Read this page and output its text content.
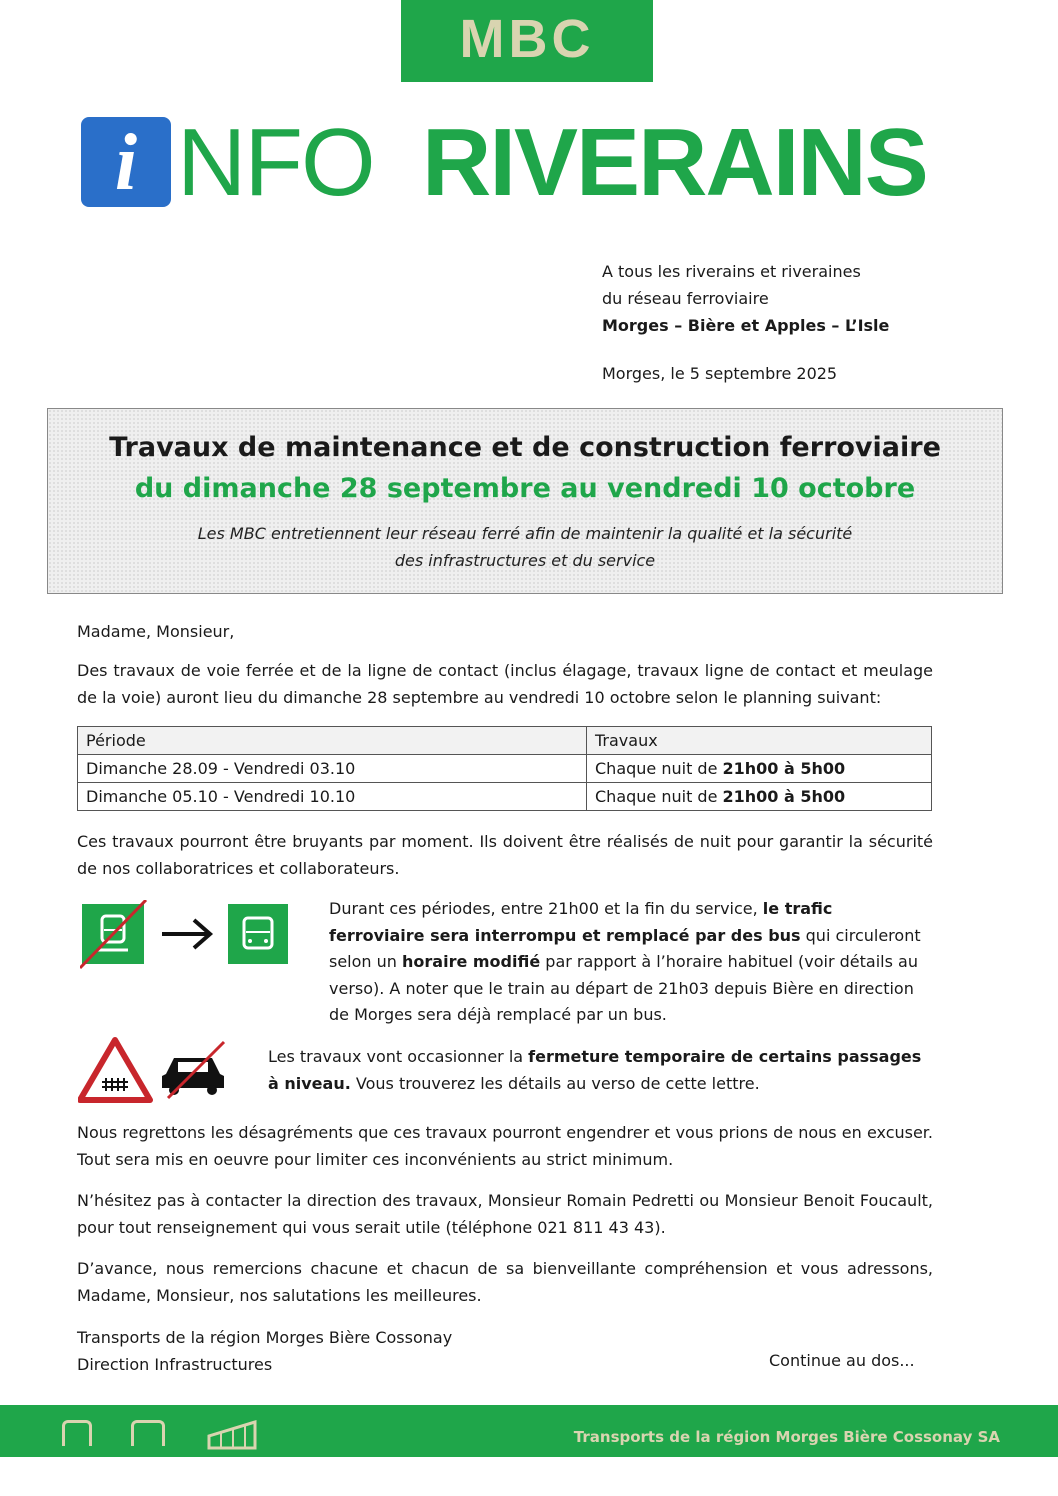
MBC
i NFO RIVERAINS
A tous les riverains et riveraines
du réseau ferroviaire
Morges – Bière et Apples – L’Isle
Morges, le 5 septembre 2025
Travaux de maintenance et de construction ferroviaire
du dimanche 28 septembre au vendredi 10 octobre
Les MBC entretiennent leur réseau ferré afin de maintenir la qualité et la sécurité
des infrastructures et du service
Madame, Monsieur,
Des travaux de voie ferrée et de la ligne de contact (inclus élagage, travaux ligne de contact et meulage de la voie) auront lieu du dimanche 28 septembre au vendredi 10 octobre selon le planning suivant:
Période	Travaux
Dimanche 28.09 - Vendredi 03.10	Chaque nuit de 21h00 à 5h00
Dimanche 05.10 - Vendredi 10.10	Chaque nuit de 21h00 à 5h00
Ces travaux pourront être bruyants par moment. Ils doivent être réalisés de nuit pour garantir la sécurité de nos collaboratrices et collaborateurs.
Durant ces périodes, entre 21h00 et la fin du service, le trafic ferroviaire sera interrompu et remplacé par des bus qui circuleront selon un horaire modifié par rapport à l’horaire habituel (voir détails au verso). A noter que le train au départ de 21h03 depuis Bière en direction de Morges sera déjà remplacé par un bus.
Les travaux vont occasionner la fermeture temporaire de certains passages à niveau. Vous trouverez les détails au verso de cette lettre.
Nous regrettons les désagréments que ces travaux pourront engendrer et vous prions de nous en excuser. Tout sera mis en oeuvre pour limiter ces inconvénients au strict minimum.
N’hésitez pas à contacter la direction des travaux, Monsieur Romain Pedretti ou Monsieur Benoit Foucault, pour tout renseignement qui vous serait utile (téléphone 021 811 43 43).
D’avance, nous remercions chacune et chacun de sa bienveillante compréhension et vous adressons, Madame, Monsieur, nos salutations les meilleures.
Transports de la région Morges Bière Cossonay
Direction Infrastructures	Continue au dos...
Transports de la région Morges Bière Cossonay SA
